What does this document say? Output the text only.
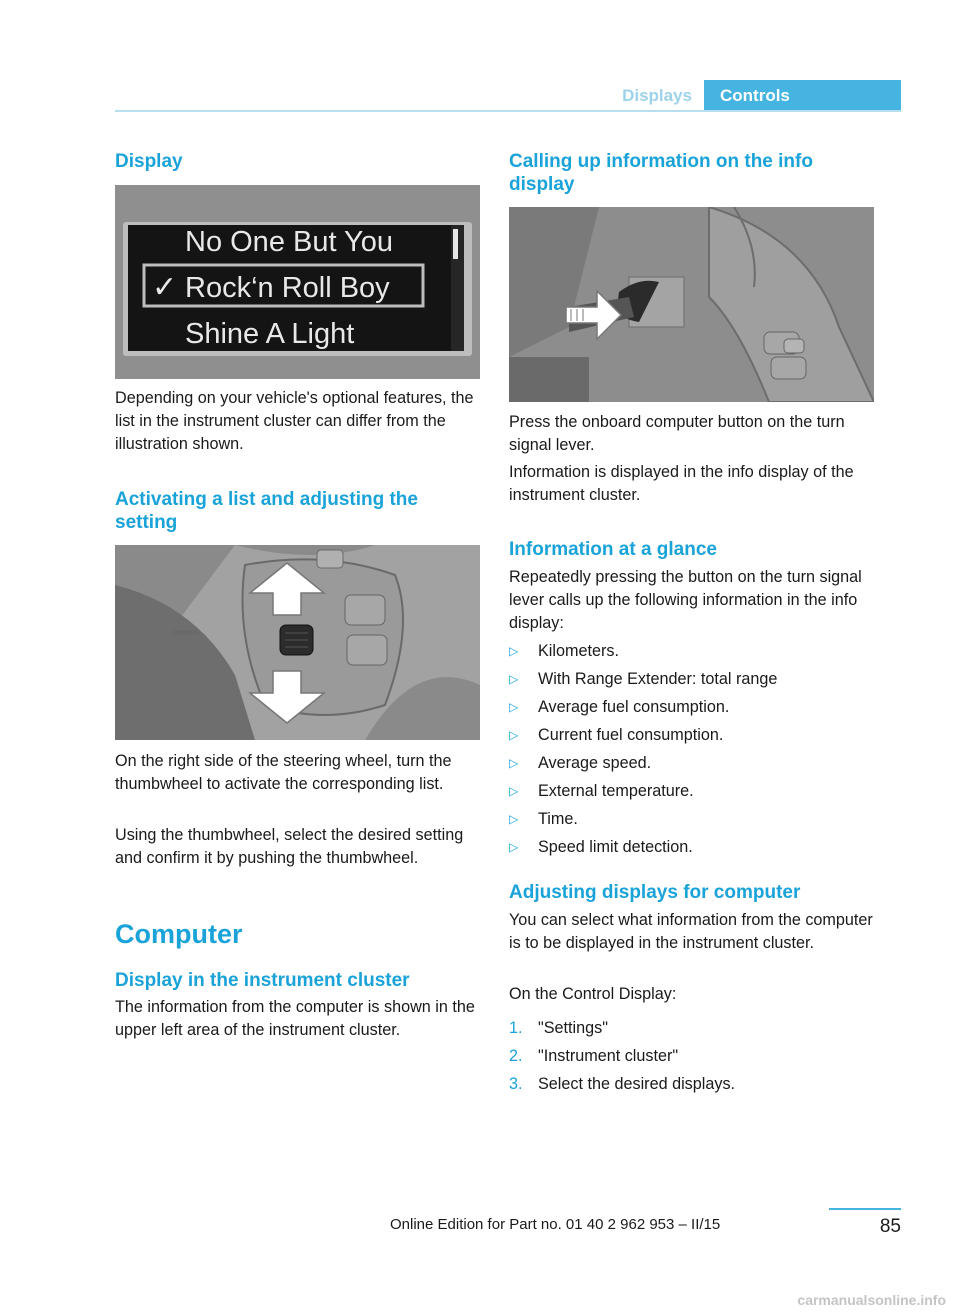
Displays	Controls
Display
No One But You
✓ Rock‘n Roll Boy
Shine A Light

Depending on your vehicle's optional features, the list in the instrument cluster can differ from the illustration shown.

Activating a list and adjusting the setting

On the right side of the steering wheel, turn the thumbwheel to activate the corresponding list.

Using the thumbwheel, select the desired setting and confirm it by pushing the thumbwheel.

Computer
Display in the instrument cluster

The information from the computer is shown in the upper left area of the instrument cluster.

Calling up information on the info display

Press the onboard computer button on the turn signal lever.

Information is displayed in the info display of the instrument cluster.

Information at a glance

Repeatedly pressing the button on the turn signal lever calls up the following information in the info display:

▷ Kilometers.
▷ With Range Extender: total range
▷ Average fuel consumption.
▷ Current fuel consumption.
▷ Average speed.
▷ External temperature.
▷ Time.
▷ Speed limit detection.
Adjusting displays for computer

You can select what information from the computer is to be displayed in the instrument cluster.

On the Control Display:

1. "Settings"
2. "Instrument cluster"
3. Select the desired displays.
Online Edition for Part no. 01 40 2 962 953 – II/15	85
carmanualsonline.info
